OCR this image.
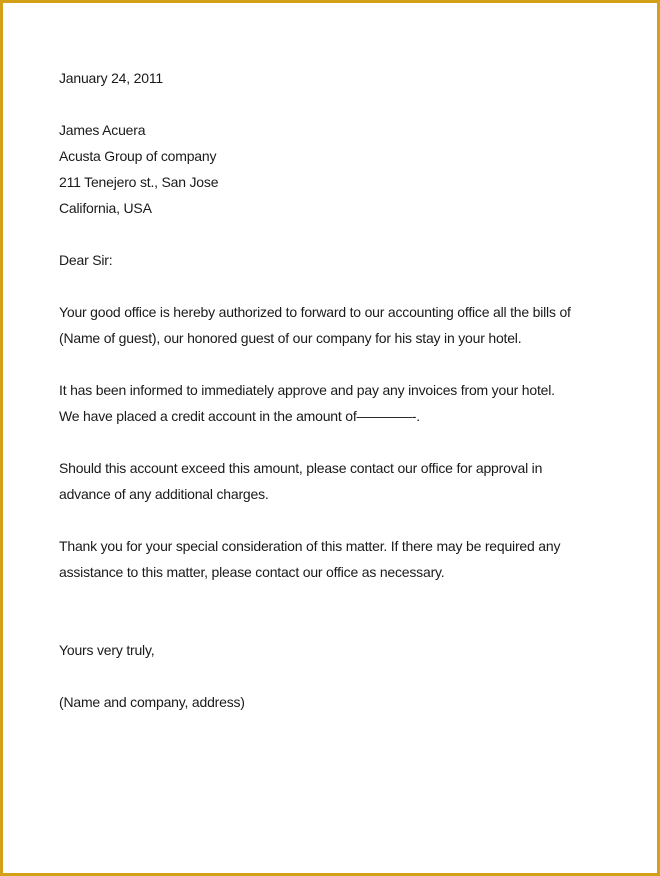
January 24, 2011
James Acuera
Acusta Group of company
211 Tenejero st., San Jose
California, USA
Dear Sir:
Your good office is hereby authorized to forward to our accounting office all the bills of
(Name of guest), our honored guest of our company for his stay in your hotel.
It has been informed to immediately approve and pay any invoices from your hotel.
We have placed a credit account in the amount of————-.
Should this account exceed this amount, please contact our office for approval in
advance of any additional charges.
Thank you for your special consideration of this matter. If there may be required any
assistance to this matter, please contact our office as necessary.
Yours very truly,
(Name and company, address)
